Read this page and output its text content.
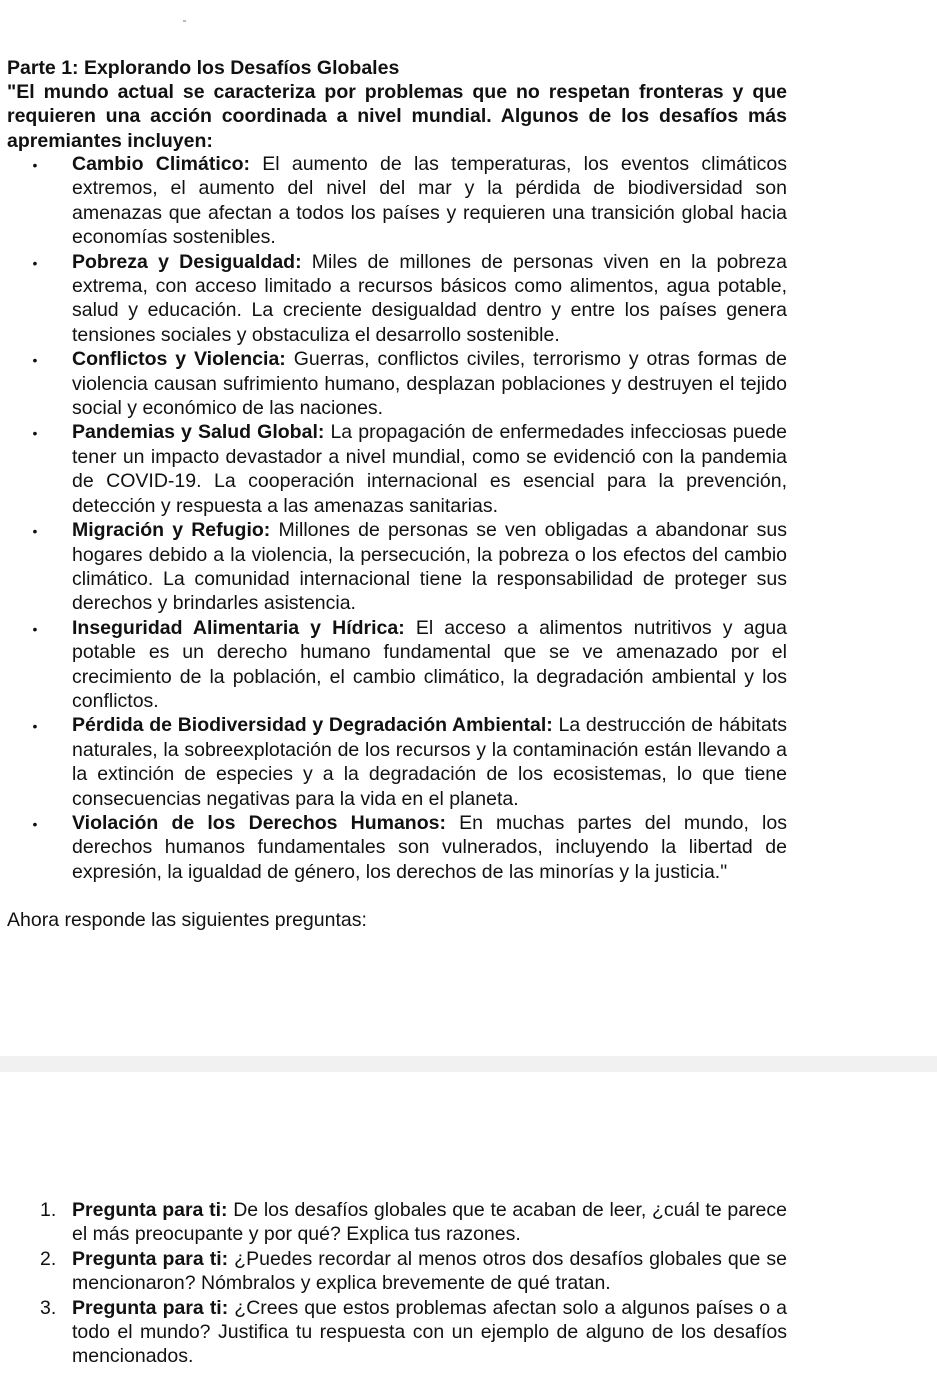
Parte 1: Explorando los Desafíos Globales
"El mundo actual se caracteriza por problemas que no respetan fronteras y que requieren una acción coordinada a nivel mundial. Algunos de los desafíos más apremiantes incluyen:
•
Cambio Climático: El aumento de las temperaturas, los eventos climáticos extremos, el aumento del nivel del mar y la pérdida de biodiversidad son amenazas que afectan a todos los países y requieren una transición global hacia economías sostenibles.
•
Pobreza y Desigualdad: Miles de millones de personas viven en la pobreza extrema, con acceso limitado a recursos básicos como alimentos, agua potable, salud y educación. La creciente desigualdad dentro y entre los países genera tensiones sociales y obstaculiza el desarrollo sostenible.
•
Conflictos y Violencia: Guerras, conflictos civiles, terrorismo y otras formas de violencia causan sufrimiento humano, desplazan poblaciones y destruyen el tejido social y económico de las naciones.
•
Pandemias y Salud Global: La propagación de enfermedades infecciosas puede tener un impacto devastador a nivel mundial, como se evidenció con la pandemia de COVID-19. La cooperación internacional es esencial para la prevención, detección y respuesta a las amenazas sanitarias.
•
Migración y Refugio: Millones de personas se ven obligadas a abandonar sus hogares debido a la violencia, la persecución, la pobreza o los efectos del cambio climático. La comunidad internacional tiene la responsabilidad de proteger sus derechos y brindarles asistencia.
•
Inseguridad Alimentaria y Hídrica: El acceso a alimentos nutritivos y agua potable es un derecho humano fundamental que se ve amenazado por el crecimiento de la población, el cambio climático, la degradación ambiental y los conflictos.
•
Pérdida de Biodiversidad y Degradación Ambiental: La destrucción de hábitats naturales, la sobreexplotación de los recursos y la contaminación están llevando a la extinción de especies y a la degradación de los ecosistemas, lo que tiene consecuencias negativas para la vida en el planeta.
•
Violación de los Derechos Humanos: En muchas partes del mundo, los derechos humanos fundamentales son vulnerados, incluyendo la libertad de expresión, la igualdad de género, los derechos de las minorías y la justicia."
Ahora responde las siguientes preguntas:
1. Pregunta para ti: De los desafíos globales que te acaban de leer, ¿cuál te parece el más preocupante y por qué? Explica tus razones.
2. Pregunta para ti: ¿Puedes recordar al menos otros dos desafíos globales que se mencionaron? Nómbralos y explica brevemente de qué tratan.
3. Pregunta para ti: ¿Crees que estos problemas afectan solo a algunos países o a todo el mundo? Justifica tu respuesta con un ejemplo de alguno de los desafíos mencionados.
